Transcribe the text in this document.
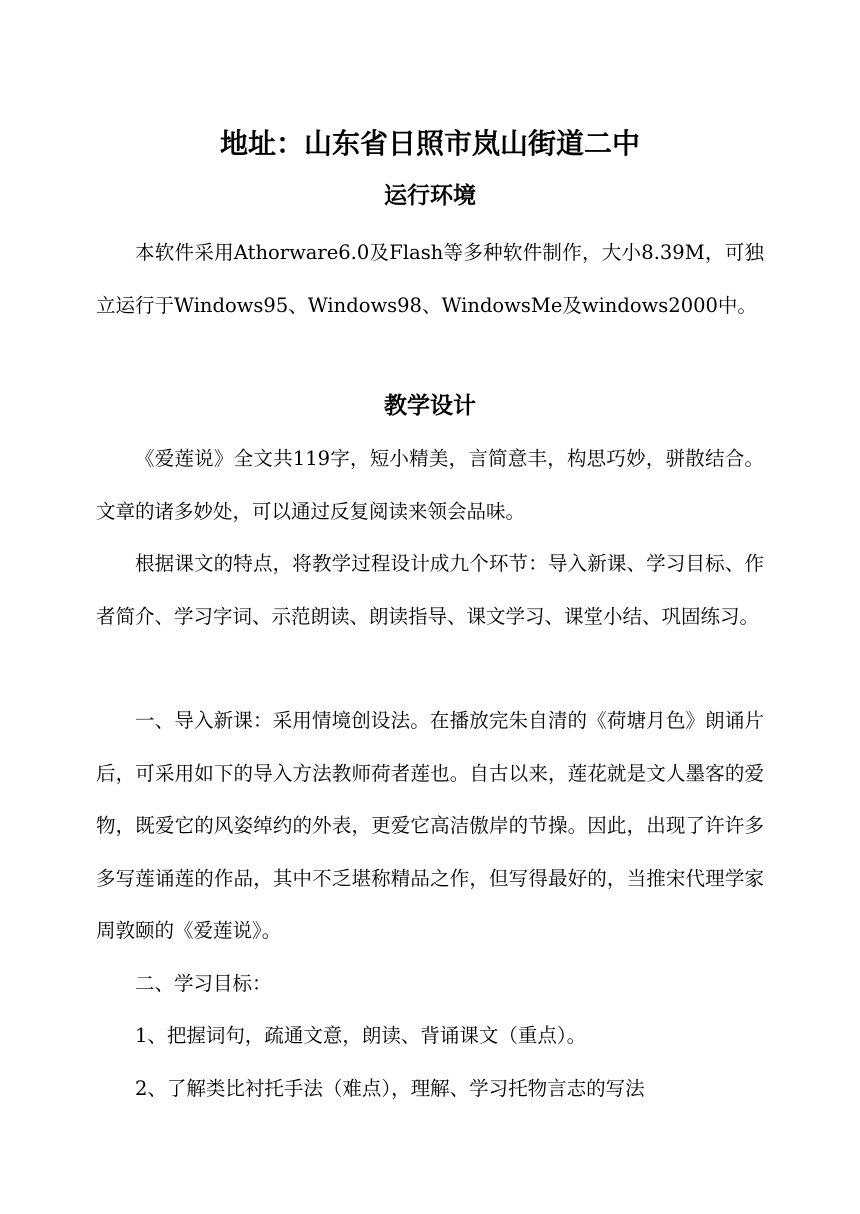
地址：山东省日照市岚山街道二中
运行环境

本软件采用Athorware6.0及Flash等多种软件制作，大小8.39M，可独立运行于Windows95、Windows98、WindowsMe及windows2000中。

教学设计

《爱莲说》全文共119字，短小精美，言简意丰，构思巧妙，骈散结合。文章的诸多妙处，可以通过反复阅读来领会品味。

根据课文的特点，将教学过程设计成九个环节：导入新课、学习目标、作者简介、学习字词、示范朗读、朗读指导、课文学习、课堂小结、巩固练习。

一、导入新课：采用情境创设法。在播放完朱自清的《荷塘月色》朗诵片后，可采用如下的导入方法教师荷者莲也。自古以来，莲花就是文人墨客的爱物，既爱它的风姿绰约的外表，更爱它高洁傲岸的节操。因此，出现了许许多多写莲诵莲的作品，其中不乏堪称精品之作，但写得最好的，当推宋代理学家周敦颐的《爱莲说》。

二、学习目标：

1、把握词句，疏通文意，朗读、背诵课文（重点）。

2、了解类比衬托手法（难点），理解、学习托物言志的写法
